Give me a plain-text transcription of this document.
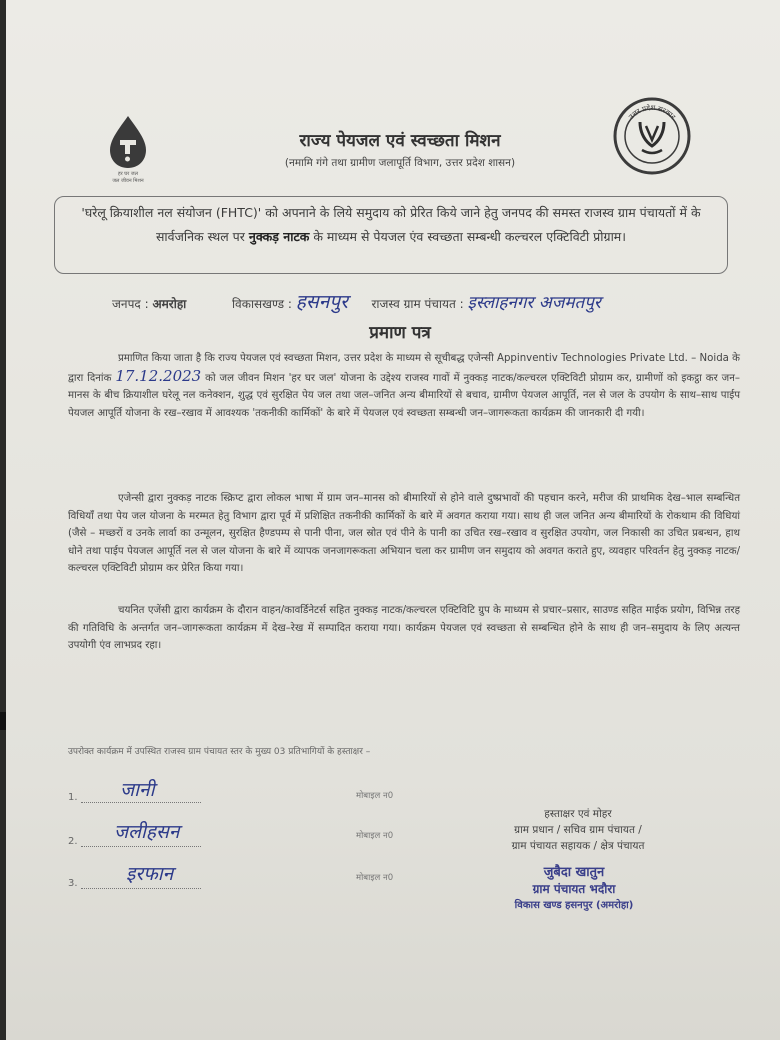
हर घर जल
जल जीवन मिशन
उत्तर प्रदेश सरकार
राज्य पेयजल एवं स्वच्छता मिशन
(नमामि गंगे तथा ग्रामीण जलापूर्ति विभाग, उत्तर प्रदेश शासन)
'घरेलू क्रियाशील नल संयोजन (FHTC)' को अपनाने के लिये समुदाय को प्रेरित किये जाने हेतु जनपद की समस्त राजस्व ग्राम पंचायतों में के सार्वजनिक स्थल पर नुक्कड़ नाटक के माध्यम से पेयजल एंव स्वच्छता सम्बन्धी कल्चरल एक्टिविटी प्रोग्राम।
जनपद : अमरोहा	विकासखण्ड : हसनपुर राजस्व ग्राम पंचायत : इस्लाहनगर अजमतपुर
प्रमाण पत्र

प्रमाणित किया जाता है कि राज्य पेयजल एवं स्वच्छता मिशन, उत्तर प्रदेश के माध्यम से सूचीबद्ध एजेन्सी Appinventiv Technologies Private Ltd. – Noida के द्वारा दिनांक 17.12.2023 को जल जीवन मिशन 'हर घर जल' योजना के उद्देश्य राजस्व गावों में नुक्कड़ नाटक/कल्चरल एक्टिविटी प्रोग्राम कर, ग्रामीणों को इकट्ठा कर जन–मानस के बीच क्रियाशील घरेलू नल कनेक्शन, शुद्ध एवं सुरक्षित पेय जल तथा जल–जनित अन्य बीमारियों से बचाव, ग्रामीण पेयजल आपूर्ति, नल से जल के उपयोग के साथ–साथ पाईप पेयजल आपूर्ति योजना के रख–रखाव में आवश्यक 'तकनीकी कार्मिकों' के बारे में पेयजल एवं स्वच्छता सम्बन्धी जन–जागरूकता कार्यक्रम की जानकारी दी गयी।

एजेन्सी द्वारा नुक्कड़ नाटक स्क्रिप्ट द्वारा लोकल भाषा में ग्राम जन–मानस को बीमारियों से होने वाले दुष्प्रभावों की पहचान करने, मरीज की प्राथमिक देख–भाल सम्बन्धित विधियाँ तथा पेय जल योजना के मरम्मत हेतु विभाग द्वारा पूर्व में प्रशिक्षित तकनीकी कार्मिकों के बारे में अवगत कराया गया। साथ ही जल जनित अन्य बीमारियों के रोकथाम की विधियां (जैसे – मच्छरों व उनके लार्वा का उन्मूलन, सुरक्षित हैण्डपम्प से पानी पीना, जल स्रोत एवं पीने के पानी का उचित रख–रखाव व सुरक्षित उपयोग, जल निकासी का उचित प्रबन्धन, हाथ धोने तथा पाईप पेयजल आपूर्ति नल से जल योजना के बारे में व्यापक जनजागरूकता अभियान चला कर ग्रामीण जन समुदाय को अवगत कराते हुए, व्यवहार परिवर्तन हेतु नुक्कड़ नाटक/कल्चरल एक्टिविटी प्रोग्राम कर प्रेरित किया गया।

चयनित एजेंसी द्वारा कार्यक्रम के दौरान वाहन/कावर्डिनेटर्स सहित नुक्कड़ नाटक/कल्चरल एक्टिविटि ग्रुप के माध्यम से प्रचार–प्रसार, साउण्ड सहित माईक प्रयोग, विभिन्न तरह की गतिविधि के अन्तर्गत जन–जागरूकता कार्यक्रम में देख–रेख में सम्पादित कराया गया। कार्यक्रम पेयजल एवं स्वच्छता से सम्बन्धित होने के साथ ही जन–समुदाय के लिए अत्यन्त उपयोगी एंव लाभप्रद रहा।

उपरोक्त कार्यक्रम में उपस्थित राजस्व ग्राम पंचायत स्तर के मुख्य 03 प्रतिभागियों के हस्ताक्षर –
1.	जानी	मोबाइल न0
2.	जलीहसन	मोबाइल न0
3.	इरफान	मोबाइल न0
हस्ताक्षर एवं मोहर
ग्राम प्रधान / सचिव ग्राम पंचायत /
ग्राम पंचायत सहायक / क्षेत्र पंचायत
जुबैदा खातुन
ग्राम पंचायत भदौरा
विकास खण्ड हसनपुर (अमरोहा)
